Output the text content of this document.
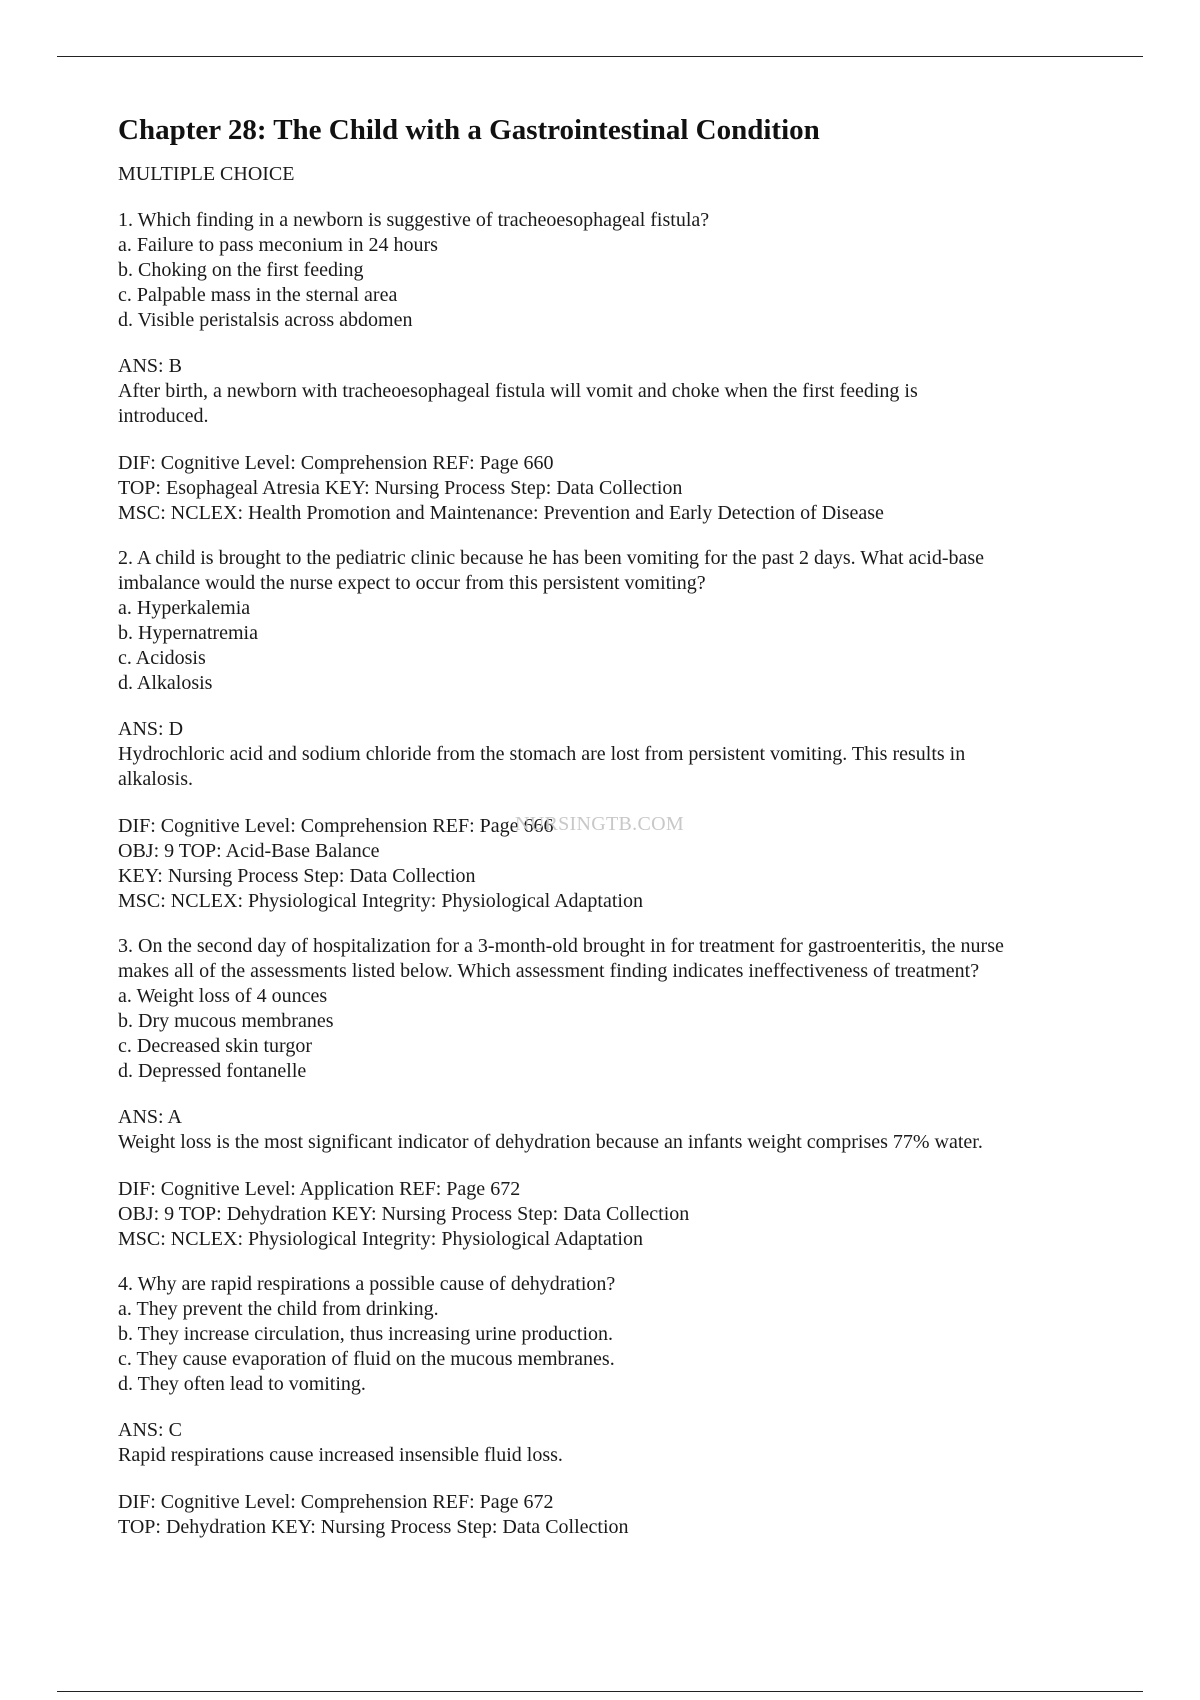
Chapter 28: The Child with a Gastrointestinal Condition

MULTIPLE CHOICE

1. Which finding in a newborn is suggestive of tracheoesophageal fistula?

a. Failure to pass meconium in 24 hours

b. Choking on the first feeding

c. Palpable mass in the sternal area

d. Visible peristalsis across abdomen

ANS: B

After birth, a newborn with tracheoesophageal fistula will vomit and choke when the first feeding is

introduced.

DIF: Cognitive Level: Comprehension REF: Page 660

TOP: Esophageal Atresia KEY: Nursing Process Step: Data Collection

MSC: NCLEX: Health Promotion and Maintenance: Prevention and Early Detection of Disease

2. A child is brought to the pediatric clinic because he has been vomiting for the past 2 days. What acid-base

imbalance would the nurse expect to occur from this persistent vomiting?

a. Hyperkalemia

b. Hypernatremia

c. Acidosis

d. Alkalosis

ANS: D

Hydrochloric acid and sodium chloride from the stomach are lost from persistent vomiting. This results in

alkalosis.

DIF: Cognitive Level: Comprehension REF: Page 666
NURSINGTB.COM

OBJ: 9 TOP: Acid-Base Balance

KEY: Nursing Process Step: Data Collection

MSC: NCLEX: Physiological Integrity: Physiological Adaptation

3. On the second day of hospitalization for a 3-month-old brought in for treatment for gastroenteritis, the nurse

makes all of the assessments listed below. Which assessment finding indicates ineffectiveness of treatment?

a. Weight loss of 4 ounces

b. Dry mucous membranes

c. Decreased skin turgor

d. Depressed fontanelle

ANS: A

Weight loss is the most significant indicator of dehydration because an infants weight comprises 77% water.

DIF: Cognitive Level: Application REF: Page 672

OBJ: 9 TOP: Dehydration KEY: Nursing Process Step: Data Collection

MSC: NCLEX: Physiological Integrity: Physiological Adaptation

4. Why are rapid respirations a possible cause of dehydration?

a. They prevent the child from drinking.

b. They increase circulation, thus increasing urine production.

c. They cause evaporation of fluid on the mucous membranes.

d. They often lead to vomiting.

ANS: C

Rapid respirations cause increased insensible fluid loss.

DIF: Cognitive Level: Comprehension REF: Page 672

TOP: Dehydration KEY: Nursing Process Step: Data Collection
